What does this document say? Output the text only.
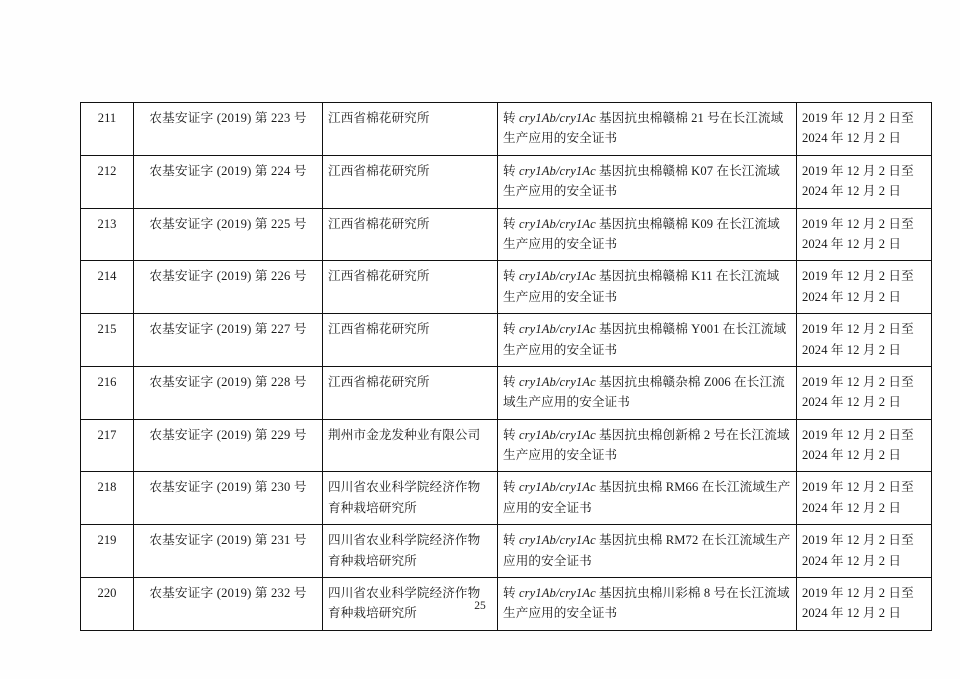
211	农基安证字 (2019) 第 223 号	江西省棉花研究所	转 cry1Ab/cry1Ac 基因抗虫棉赣棉 21 号在长江流域生产应用的安全证书	2019 年 12 月 2 日至
2024 年 12 月 2 日

212	农基安证字 (2019) 第 224 号	江西省棉花研究所	转 cry1Ab/cry1Ac 基因抗虫棉赣棉 K07 在长江流域生产应用的安全证书	2019 年 12 月 2 日至
2024 年 12 月 2 日

213	农基安证字 (2019) 第 225 号	江西省棉花研究所	转 cry1Ab/cry1Ac 基因抗虫棉赣棉 K09 在长江流域生产应用的安全证书	2019 年 12 月 2 日至
2024 年 12 月 2 日

214	农基安证字 (2019) 第 226 号	江西省棉花研究所	转 cry1Ab/cry1Ac 基因抗虫棉赣棉 K11 在长江流域生产应用的安全证书	2019 年 12 月 2 日至
2024 年 12 月 2 日

215	农基安证字 (2019) 第 227 号	江西省棉花研究所	转 cry1Ab/cry1Ac 基因抗虫棉赣棉 Y001 在长江流域生产应用的安全证书	2019 年 12 月 2 日至
2024 年 12 月 2 日

216	农基安证字 (2019) 第 228 号	江西省棉花研究所	转 cry1Ab/cry1Ac 基因抗虫棉赣杂棉 Z006 在长江流域生产应用的安全证书	2019 年 12 月 2 日至
2024 年 12 月 2 日

217	农基安证字 (2019) 第 229 号	荆州市金龙发种业有限公司	转 cry1Ab/cry1Ac 基因抗虫棉创新棉 2 号在长江流域生产应用的安全证书	2019 年 12 月 2 日至
2024 年 12 月 2 日

218	农基安证字 (2019) 第 230 号	四川省农业科学院经济作物育种栽培研究所	转 cry1Ab/cry1Ac 基因抗虫棉 RM66 在长江流域生产应用的安全证书	2019 年 12 月 2 日至
2024 年 12 月 2 日

219	农基安证字 (2019) 第 231 号	四川省农业科学院经济作物育种栽培研究所	转 cry1Ab/cry1Ac 基因抗虫棉 RM72 在长江流域生产应用的安全证书	2019 年 12 月 2 日至
2024 年 12 月 2 日

220	农基安证字 (2019) 第 232 号	四川省农业科学院经济作物育种栽培研究所	转 cry1Ab/cry1Ac 基因抗虫棉川彩棉 8 号在长江流域生产应用的安全证书	2019 年 12 月 2 日至
2024 年 12 月 2 日
25
